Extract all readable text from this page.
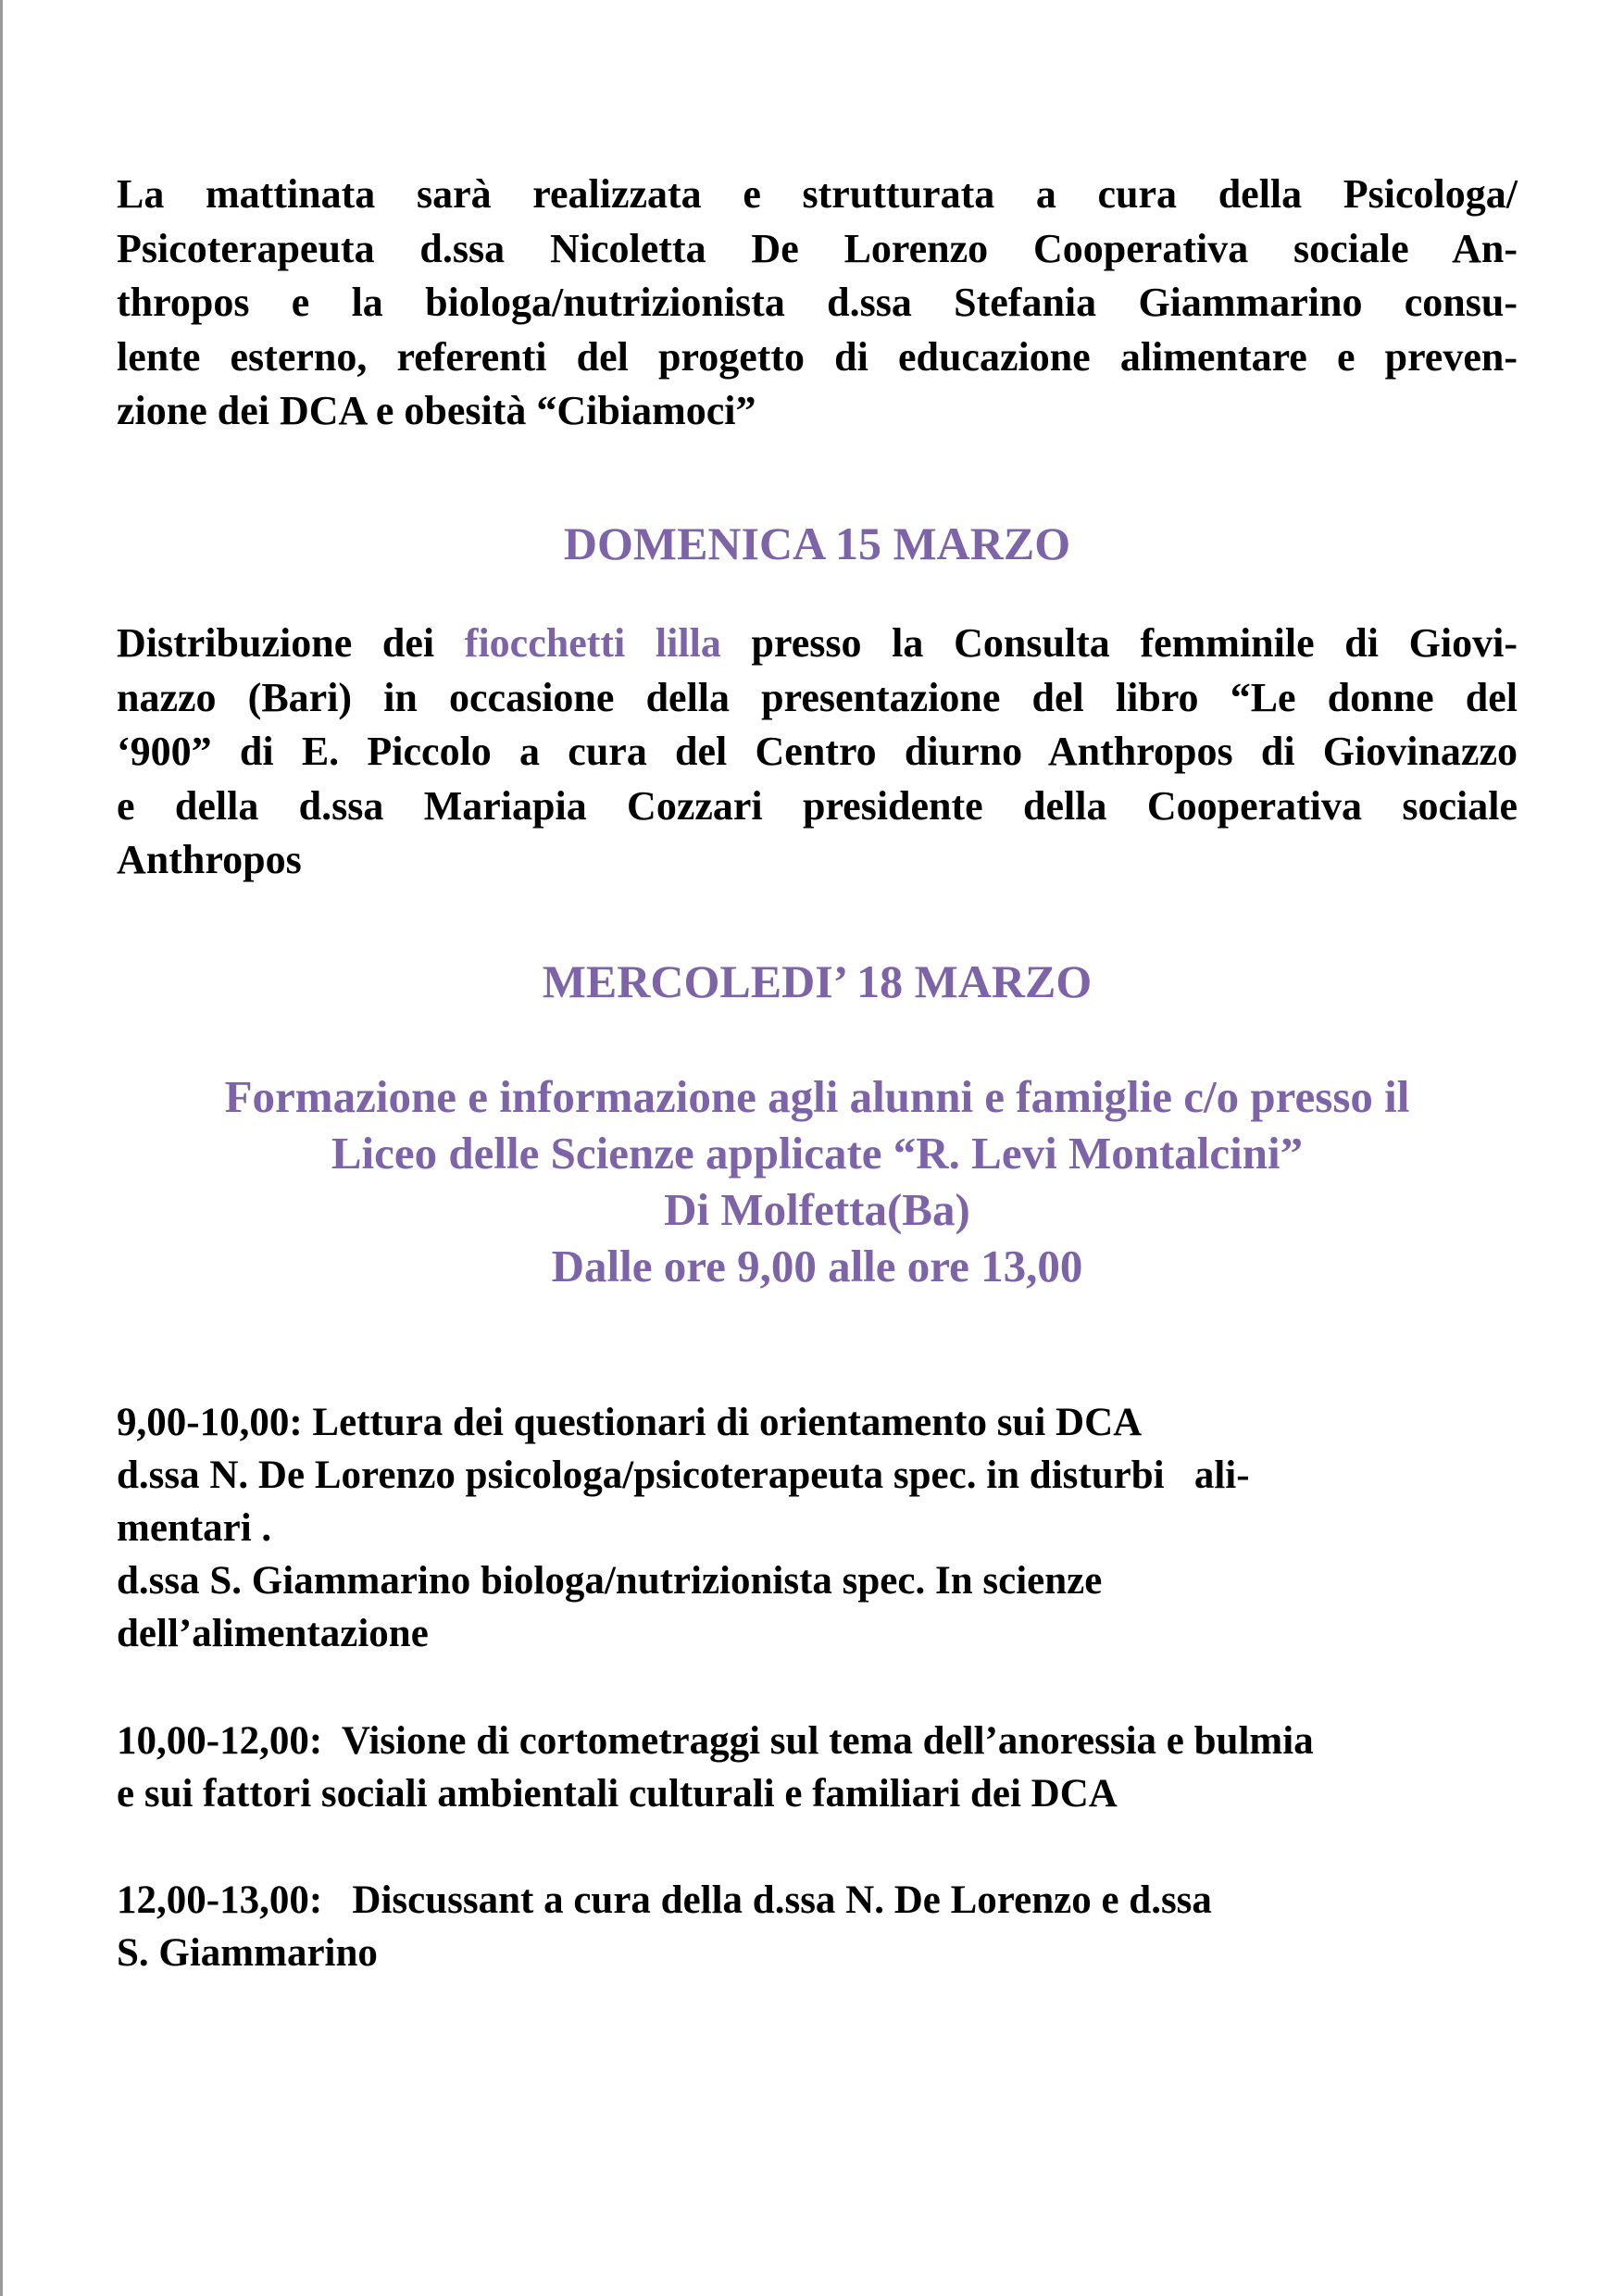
La mattinata sarà realizzata e strutturata a cura della Psicologa/
Psicoterapeuta d.ssa Nicoletta De Lorenzo Cooperativa sociale An-
thropos e la biologa/nutrizionista d.ssa Stefania Giammarino consu-
lente esterno, referenti del progetto di educazione alimentare e preven-
zione dei DCA e obesità “Cibiamoci”
DOMENICA 15 MARZO
Distribuzione dei fiocchetti lilla presso la Consulta femminile di Giovi-
nazzo (Bari) in occasione della presentazione del libro “Le donne del
‘900” di E. Piccolo a cura del Centro diurno Anthropos di Giovinazzo
e della d.ssa Mariapia Cozzari presidente della Cooperativa sociale
Anthropos
MERCOLEDI’ 18 MARZO
Formazione e informazione agli alunni e famiglie c/o presso il
Liceo delle Scienze applicate “R. Levi Montalcini”
Di Molfetta(Ba)
Dalle ore 9,00 alle ore 13,00
9,00-10,00: Lettura dei questionari di orientamento sui DCA
d.ssa N. De Lorenzo psicologa/psicoterapeuta spec. in disturbi   ali-
mentari .
d.ssa S. Giammarino biologa/nutrizionista spec. In scienze
dell’alimentazione
10,00-12,00:  Visione di cortometraggi sul tema dell’anoressia e bulmia
e sui fattori sociali ambientali culturali e familiari dei DCA
12,00-13,00:   Discussant a cura della d.ssa N. De Lorenzo e d.ssa
S. Giammarino
